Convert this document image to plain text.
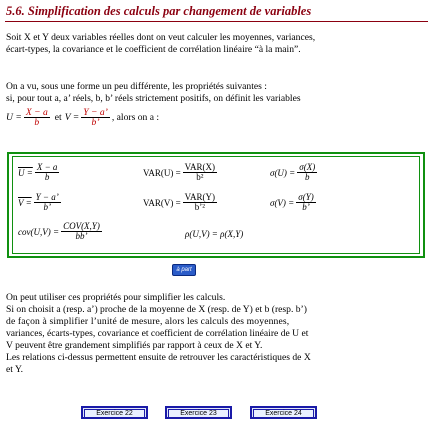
5.6. Simplification des calculs par changement de variables
Soit X et Y deux variables réelles dont on veut calculer les moyennes, variances,
écart-types, la covariance et le coefficient de corrélation linéaire “à la main”.
On a vu, sous une forme un peu différente, les propriétés suivantes :
si, pour tout a, a’ réels, b, b’ réels strictement positifs, on définit les variables
$U = \frac{X - a}{b}$ et $V = \frac{Y - a’}{b’}$ , alors on a :
$U = \frac{X - a}{b}$	$VAR(U) = \frac{\text{VAR(X)}}{\text{b²}}$	$\sigma(U) = \frac{\sigma(X)}{b}$
$V = \frac{Y - a’}{b’}$	$VAR(V) = \frac{\text{VAR(Y)}}{\text{b’²}}$	$\sigma(V) = \frac{\sigma(Y)}{b’}$
$cov(U,V) = \frac{\text{COV(X,Y)}}{bb’}$	ρ(U,V) = ρ(X,Y)
à part
On peut utiliser ces propriétés pour simplifier les calculs.
Si on choisit a (resp. a’) proche de la moyenne de X (resp. de Y) et b (resp. b’)
de façon à simplifier l’unité de mesure, alors les calculs des moyennes,
variances, écarts-types, covariance et coefficient de corrélation linéaire de U et
V peuvent être grandement simplifiés par rapport à ceux de X et Y.
Les relations ci-dessus permettent ensuite de retrouver les caractéristiques de X
et Y.
Exercice 22	Exercice 23	Exercice 24
